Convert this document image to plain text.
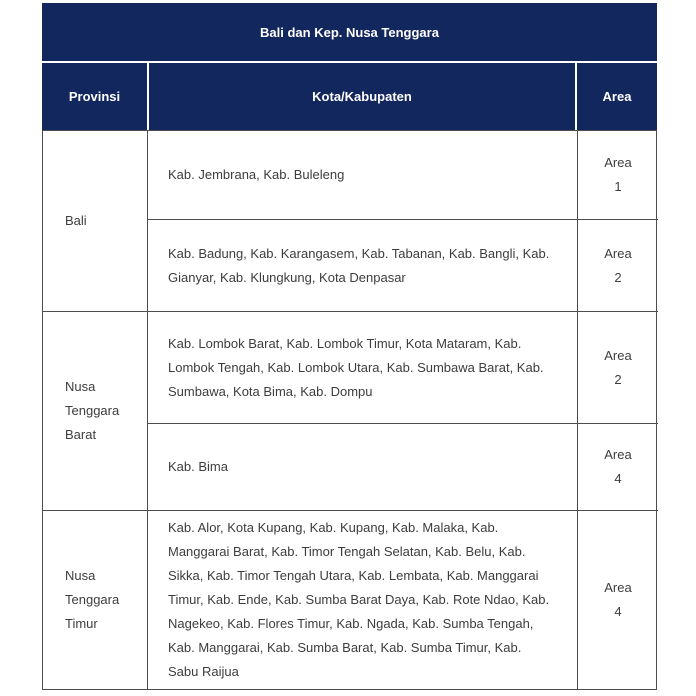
Bali dan Kep. Nusa Tenggara
Provinsi	Kota/Kabupaten	Area
Bali
Kab. Jembrana, Kab. Buleleng
Area
1
Kab. Badung, Kab. Karangasem, Kab. Tabanan, Kab. Bangli, Kab. Gianyar, Kab. Klungkung, Kota Denpasar
Area
2
Nusa Tenggara Barat
Kab. Lombok Barat, Kab. Lombok Timur, Kota Mataram, Kab. Lombok Tengah, Kab. Lombok Utara, Kab. Sumbawa Barat, Kab. Sumbawa, Kota Bima, Kab. Dompu
Area
2
Kab. Bima
Area
4
Nusa Tenggara Timur
Kab. Alor, Kota Kupang, Kab. Kupang, Kab. Malaka, Kab. Manggarai Barat, Kab. Timor Tengah Selatan, Kab. Belu, Kab. Sikka, Kab. Timor Tengah Utara, Kab. Lembata, Kab. Manggarai Timur, Kab. Ende, Kab. Sumba Barat Daya, Kab. Rote Ndao, Kab. Nagekeo, Kab. Flores Timur, Kab. Ngada, Kab. Sumba Tengah, Kab. Manggarai, Kab. Sumba Barat, Kab. Sumba Timur, Kab. Sabu Raijua
Area
4
